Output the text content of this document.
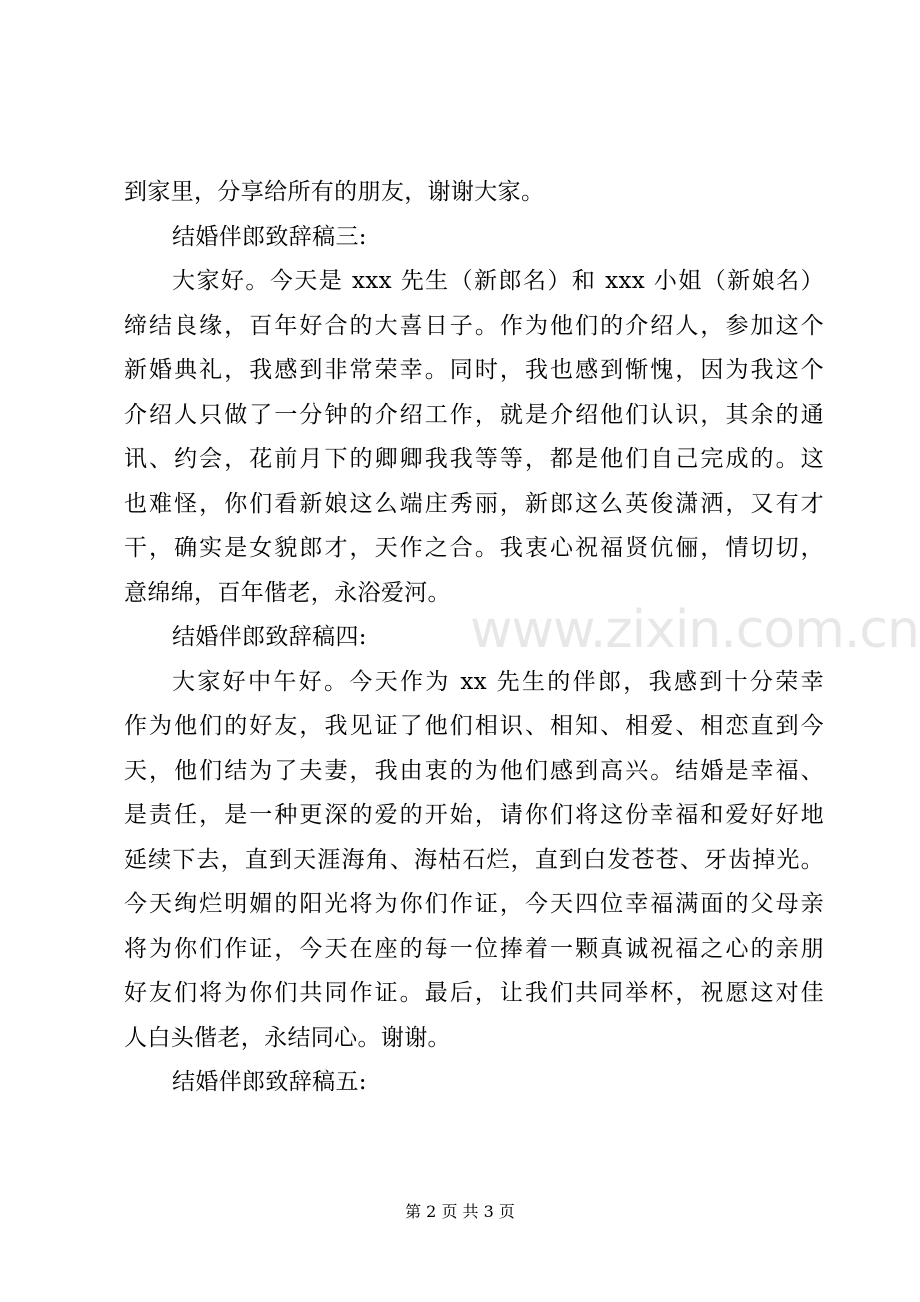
到家里，分享给所有的朋友，谢谢大家。
结婚伴郎致辞稿三:
大家好。今天是 xxx 先生（新郎名）和 xxx 小姐（新娘名）
缔结良缘，百年好合的大喜日子。作为他们的介绍人，参加这个
新婚典礼，我感到非常荣幸。同时，我也感到惭愧，因为我这个
介绍人只做了一分钟的介绍工作，就是介绍他们认识，其余的通
讯、约会，花前月下的卿卿我我等等，都是他们自己完成的。这
也难怪，你们看新娘这么端庄秀丽，新郎这么英俊潇洒，又有才
干，确实是女貌郎才，天作之合。我衷心祝福贤伉俪，情切切，
意绵绵，百年偕老，永浴爱河。
结婚伴郎致辞稿四:
大家好中午好。今天作为 xx 先生的伴郎，我感到十分荣幸
作为他们的好友，我见证了他们相识、相知、相爱、相恋直到今
天，他们结为了夫妻，我由衷的为他们感到高兴。结婚是幸福、
是责任，是一种更深的爱的开始，请你们将这份幸福和爱好好地
延续下去，直到天涯海角、海枯石烂，直到白发苍苍、牙齿掉光。
今天绚烂明媚的阳光将为你们作证，今天四位幸福满面的父母亲
将为你们作证，今天在座的每一位捧着一颗真诚祝福之心的亲朋
好友们将为你们共同作证。最后，让我们共同举杯，祝愿这对佳
人白头偕老，永结同心。谢谢。
结婚伴郎致辞稿五:
www.zixin.com.cn
第 2 页 共 3 页
